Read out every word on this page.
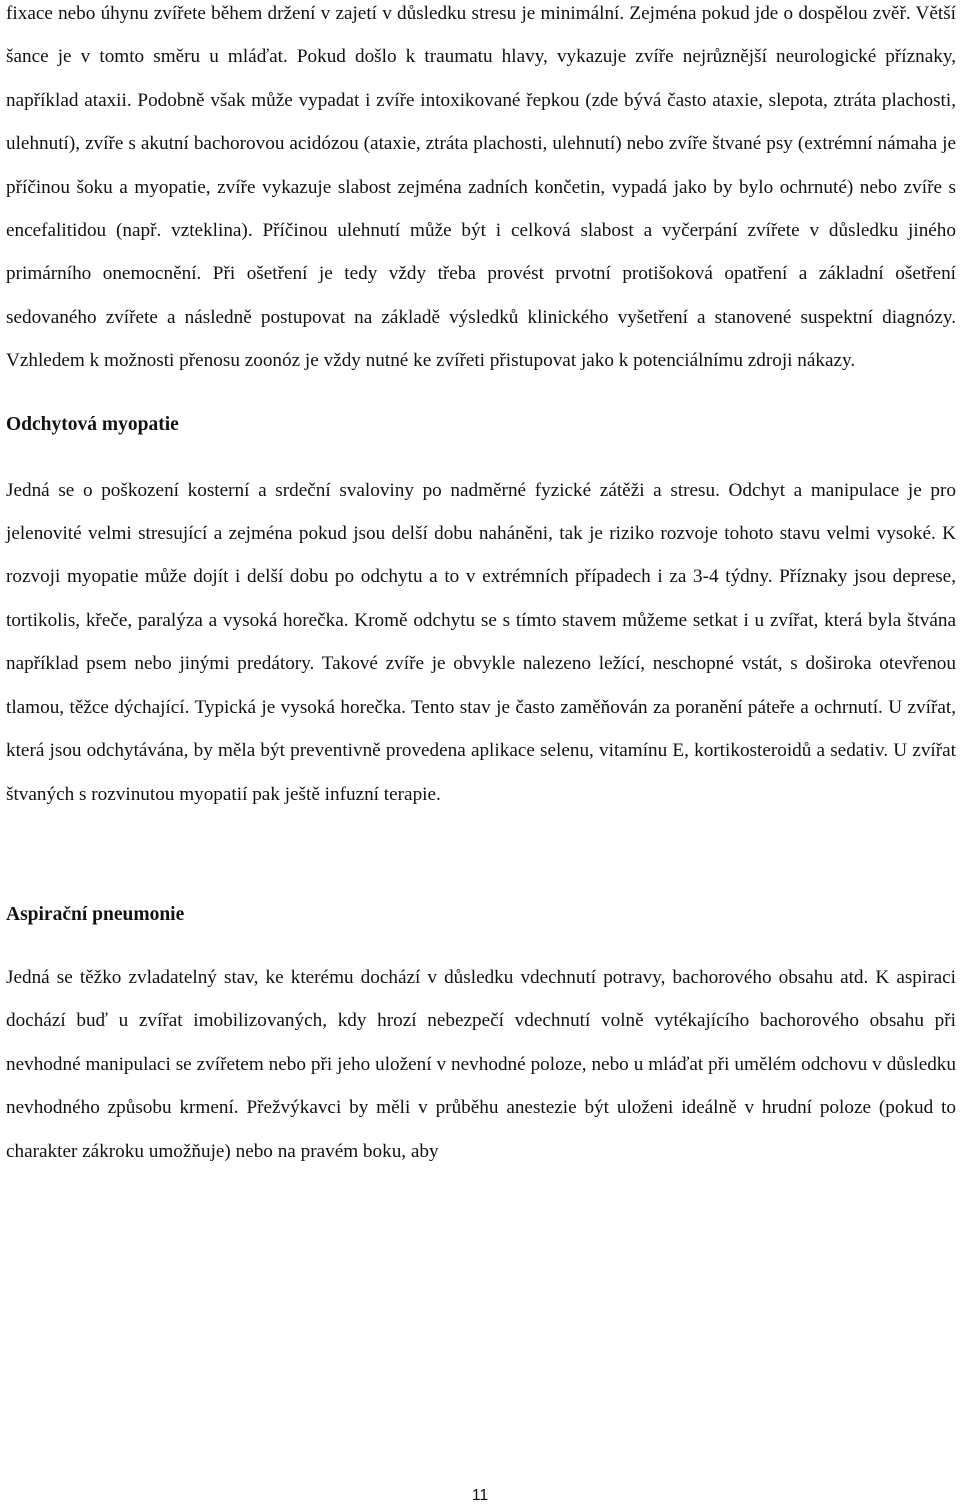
fixace nebo úhynu zvířete během držení v zajetí v důsledku stresu je minimální. Zejména pokud jde o dospělou zvěř. Větší šance je v tomto směru u mláďat. Pokud došlo k traumatu hlavy, vykazuje zvíře nejrůznější neurologické příznaky, například ataxii. Podobně však může vypadat i zvíře intoxikované řepkou (zde bývá často ataxie, slepota, ztráta plachosti, ulehnutí), zvíře s akutní bachorovou acidózou (ataxie, ztráta plachosti, ulehnutí) nebo zvíře štvané psy (extrémní námaha je příčinou šoku a myopatie, zvíře vykazuje slabost zejména zadních končetin, vypadá jako by bylo ochrnuté) nebo zvíře s encefalitidou (např. vzteklina). Příčinou ulehnutí může být i celková slabost a vyčerpání zvířete v důsledku jiného primárního onemocnění. Při ošetření je tedy vždy třeba provést prvotní protišoková opatření a základní ošetření sedovaného zvířete a následně postupovat na základě výsledků klinického vyšetření a stanovené suspektní diagnózy. Vzhledem k možnosti přenosu zoonóz je vždy nutné ke zvířeti přistupovat jako k potenciálnímu zdroji nákazy.

Odchytová myopatie

Jedná se o poškození kosterní a srdeční svaloviny po nadměrné fyzické zátěži a stresu. Odchyt a manipulace je pro jelenovité velmi stresující a zejména pokud jsou delší dobu naháněni, tak je riziko rozvoje tohoto stavu velmi vysoké. K rozvoji myopatie může dojít i delší dobu po odchytu a to v extrémních případech i za 3-4 týdny. Příznaky jsou deprese, tortikolis, křeče, paralýza a vysoká horečka. Kromě odchytu se s tímto stavem můžeme setkat i u zvířat, která byla štvána například psem nebo jinými predátory. Takové zvíře je obvykle nalezeno ležící, neschopné vstát, s doširoka otevřenou tlamou, těžce dýchající. Typická je vysoká horečka. Tento stav je často zaměňován za poranění páteře a ochrnutí. U zvířat, která jsou odchytávána, by měla být preventivně provedena aplikace selenu, vitamínu E, kortikosteroidů a sedativ. U zvířat štvaných s rozvinutou myopatií pak ještě infuzní terapie.

Aspirační pneumonie

Jedná se těžko zvladatelný stav, ke kterému dochází v důsledku vdechnutí potravy, bachorového obsahu atd. K aspiraci dochází buď u zvířat imobilizovaných, kdy hrozí nebezpečí vdechnutí volně vytékajícího bachorového obsahu při nevhodné manipulaci se zvířetem nebo při jeho uložení v nevhodné poloze, nebo u mláďat při umělém odchovu v důsledku nevhodného způsobu krmení. Přežvýkavci by měli v průběhu anestezie být uloženi ideálně v hrudní poloze (pokud to charakter zákroku umožňuje) nebo na pravém boku, aby

11
